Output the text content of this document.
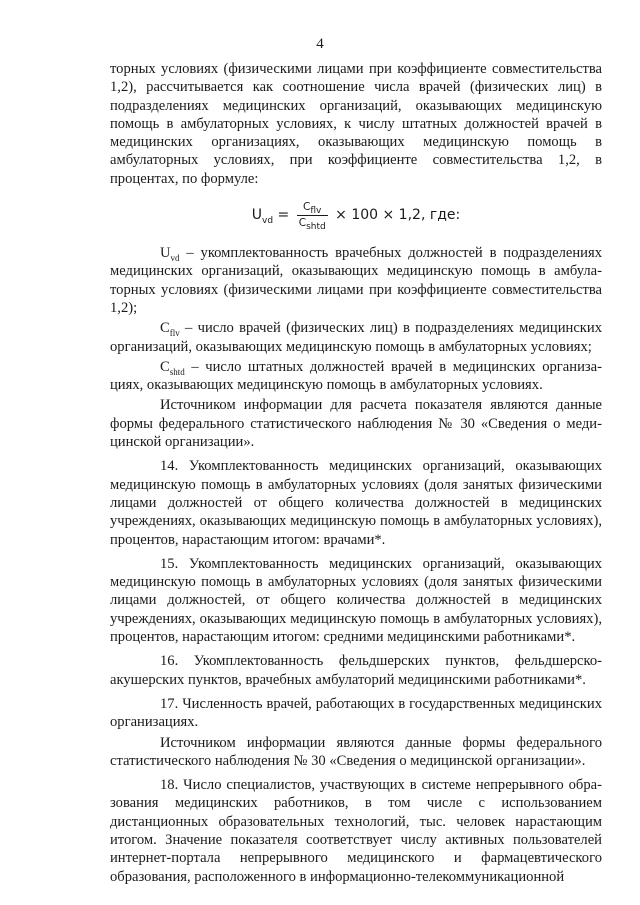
4

торных условиях (физическими лицами при коэффициенте совместительства 1,2), рассчитывается как соотношение числа врачей (физических лиц) в подразделениях медицинских организаций, оказывающих медицинскую помощь в амбулаторных условиях, к числу штатных должностей врачей в медицинских организациях, оказывающих медицинскую помощь в амбулаторных условиях, при коэффициенте совместительства 1,2, в процентах, по формуле:

$U_{vd} = \frac{C_{flv}}{C_{shtd}} \times 100 \times 1,2$, где:

$U_{vd}$ – укомплектованность врачебных должностей в подразделениях медицинских организаций, оказывающих медицинскую помощь в амбулаторных условиях (физическими лицами при коэффициенте совместительства 1,2);

$C_{flv}$ – число врачей (физических лиц) в подразделениях медицинских организаций, оказывающих медицинскую помощь в амбулаторных условиях;

$C_{shtd}$ – число штатных должностей врачей в медицинских организациях, оказывающих медицинскую помощь в амбулаторных условиях.

Источником информации для расчета показателя являются данные формы федерального статистического наблюдения № 30 «Сведения о медицинской организации».

14. Укомплектованность медицинских организаций, оказывающих медицинскую помощь в амбулаторных условиях (доля занятых физическими лицами должностей от общего количества должностей в медицинских учреждениях, оказывающих медицинскую помощь в амбулаторных условиях), процентов, нарастающим итогом: врачами*.

15. Укомплектованность медицинских организаций, оказывающих медицинскую помощь в амбулаторных условиях (доля занятых физическими лицами должностей, от общего количества должностей в медицинских учреждениях, оказывающих медицинскую помощь в амбулаторных условиях), процентов, нарастающим итогом: средними медицинскими работниками*.

16. Укомплектованность фельдшерских пунктов, фельдшерско-акушерских пунктов, врачебных амбулаторий медицинскими работниками*.

17. Численность врачей, работающих в государственных медицинских организациях.

Источником информации являются данные формы федерального статистического наблюдения № 30 «Сведения о медицинской организации».

18. Число специалистов, участвующих в системе непрерывного образования медицинских работников, в том числе с использованием дистанционных образовательных технологий, тыс. человек нарастающим итогом. Значение показателя соответствует числу активных пользователей интернет-портала непрерывного медицинского и фармацевтического образования, расположенного в информационно-телекоммуникационной
